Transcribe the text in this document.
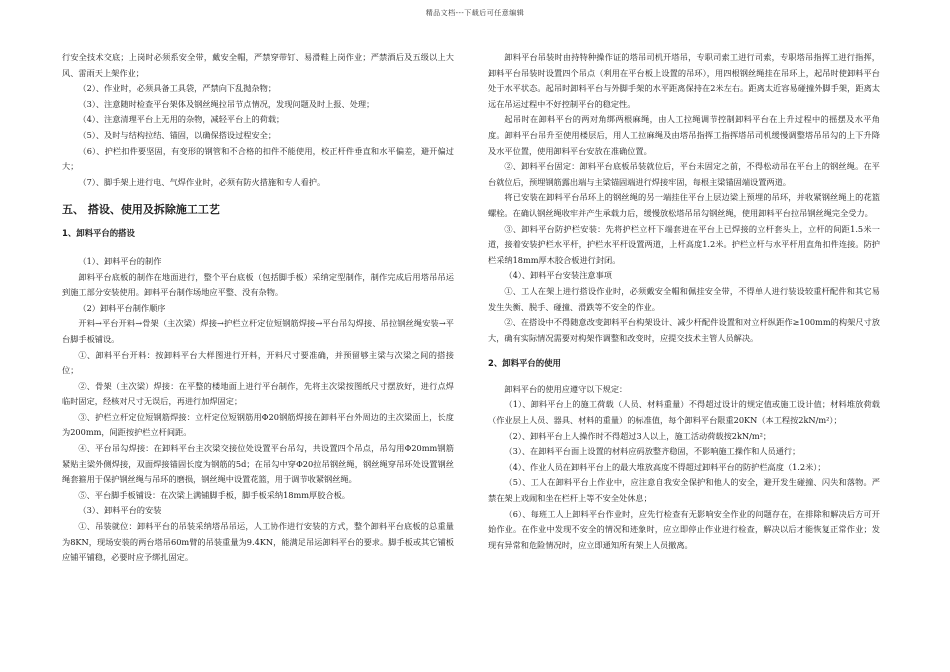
精品文档---下载后可任意编辑
行安全技术交底；上岗时必须系安全带，戴安全帽，严禁穿带钉、易滑鞋上岗作业；严禁酒后及五级以上大风、雷雨天上架作业；
（2）、作业时，必须具备工具袋，严禁向下乱抛杂物；
（3）、注意随时检查平台架体及钢丝绳拉吊节点情况，发现问题及时上报、处理；
（4）、注意清理平台上无用的杂物，减轻平台上的荷载；
（5）、及时与结构拉结、锚固，以确保搭设过程安全；
（6）、护栏扣件要坚固，有变形的钢管和不合格的扣件不能使用，校正杆件垂直和水平偏差，避开偏过大；
（7）、脚手架上进行电、气焊作业时，必须有防火措施和专人看护。
五、 搭设、使用及拆除施工工艺
1、卸料平台的搭设
（1）、卸料平台的制作
卸料平台底板的制作在地面进行，整个平台底板（包括脚手板）采纳定型制作，制作完成后用塔吊吊运到施工部分安装使用。卸料平台制作场地应平整、没有杂物。
（2）卸料平台制作顺序
开料→平台开料→骨架（主次梁）焊接→护栏立杆定位短钢筋焊接→平台吊勾焊接、吊拉钢丝绳安装→平台脚手板铺设。
①、卸料平台开料：按卸料平台大样图进行开料，开料尺寸要准确，并预留够主梁与次梁之间的搭接位；
②、骨架（主次梁）焊接：在平整的楼地面上进行平台制作，先将主次梁按图纸尺寸摆放好，进行点焊临时固定，经核对尺寸无误后，再进行加焊固定；
③、护栏立杆定位短钢筋焊接：立杆定位短钢筋用Φ20钢筋焊接在卸料平台外周边的主次梁面上，长度为200mm，间距按护栏立杆间距。
④、平台吊勾焊接：在卸料平台主次梁交接位处设置平台吊勾，共设置四个吊点，吊勾用Φ20mm钢筋紧贴主梁外侧焊接，双面焊接锚固长度为钢筋的5d；在吊勾中穿Φ20拉吊钢丝绳，钢丝绳穿吊环处设置钢丝绳套箍用于保护钢丝绳与吊环的磨损，钢丝绳中设置花篮，用于调节收紧钢丝绳。
⑤、平台脚手板铺设：在次梁上满铺脚手板，脚手板采纳18mm厚胶合板。
（3）、卸料平台的安装
①、吊装就位：卸料平台的吊装采纳塔吊吊运，人工协作进行安装的方式，整个卸料平台底板的总重量为8KN，现场安装的两台塔吊60m臂的吊装重量为9.4KN，能满足吊运卸料平台的要求。脚手板或其它铺板应铺平铺稳，必要时应予绑扎固定。
卸料平台吊装时由持特种操作证的塔吊司机开塔吊，专职司索工进行司索，专职塔吊指挥工进行指挥，卸料平台吊装时设置四个吊点（利用在平台板上设置的吊环），用四根钢丝绳挂在吊环上，起吊时使卸料平台处于水平状态。起吊时卸料平台与外脚手架的水平距离保持在2米左右。距离太近容易碰撞外脚手架，距离太远在吊运过程中不好控制平台的稳定性。
起吊时在卸料平台的两对角绑两根麻绳，由人工拉绳调节控制卸料平台在上升过程中的摇摆及水平角度。卸料平台吊升至使用楼层后，用人工拉麻绳及由塔吊指挥工指挥塔吊司机缓慢调整塔吊吊勾的上下升降及水平位置，使用卸料平台安放在准确位置。
②、卸料平台固定：卸料平台底板吊装就位后，平台未固定之前，不得松动吊在平台上的钢丝绳。在平台就位后，预埋钢筋露出端与主梁锚固端进行焊接牢固，每根主梁锚固端设置两道。
将已安装在卸料平台吊环上的钢丝绳的另一端挂住平台上层边梁上预埋的吊环，并收紧钢丝绳上的花篮螺栓。在确认钢丝绳收牢并产生承载力后，缓慢放松塔吊吊勾钢丝绳，使用卸料平台拉吊钢丝绳完全受力。
③、卸料平台防护栏安装：先将护栏立杆下端套进在平台上已焊接的立杆套头上，立杆的间距1.5米一道，接着安装护栏水平杆，护栏水平杆设置两道，上杆高度1.2米。护栏立杆与水平杆用直角扣件连接。防护栏采纳18mm厚木胶合板进行封闭。
（4）、卸料平台安装注意事项
①、工人在架上进行搭设作业时，必须戴安全帽和佩挂安全带，不得单人进行装设较重杆配件和其它易发生失衡、脱手、碰撞、滑跌等不安全的作业。
②、在搭设中不得随意改变卸料平台构架设计、减少杆配件设置和对立杆纵距作≥100mm的构架尺寸放大，确有实际情况需要对构架作调整和改变时，应提交技术主管人员解决。
2、卸料平台的使用
卸料平台的使用应遵守以下规定：
（1）、卸料平台上的施工荷载（人员、材料重量）不得超过设计的规定值或施工设计值；材料堆放荷载（作业层上人员、器具、材料的重量）的标准值，每个卸料平台限重20KN（本工程按2kN/m²）；
（2）、卸料平台上人操作时不得超过3人以上，施工活动荷载按2kN/m²；
（3）、在卸料平台面上设置的材料应码放整齐稳固，不影响施工操作和人员通行；
（4）、作业人员在卸料平台上的最大堆放高度不得超过卸料平台的防护栏高度（1.2米）；
（5）、工人在卸料平台上作业中，应注意自我安全保护和他人的安全，避开发生碰撞、闪失和落物。严禁在架上戏闹和坐在栏杆上等不安全处休息；
（6）、每班工人上卸料平台作业时，应先行检查有无影响安全作业的问题存在，在排除和解决后方可开始作业。在作业中发现不安全的情况和迹象时，应立即停止作业进行检查，解决以后才能恢复正常作业；发现有异常和危险情况时，应立即通知所有架上人员撤离。
